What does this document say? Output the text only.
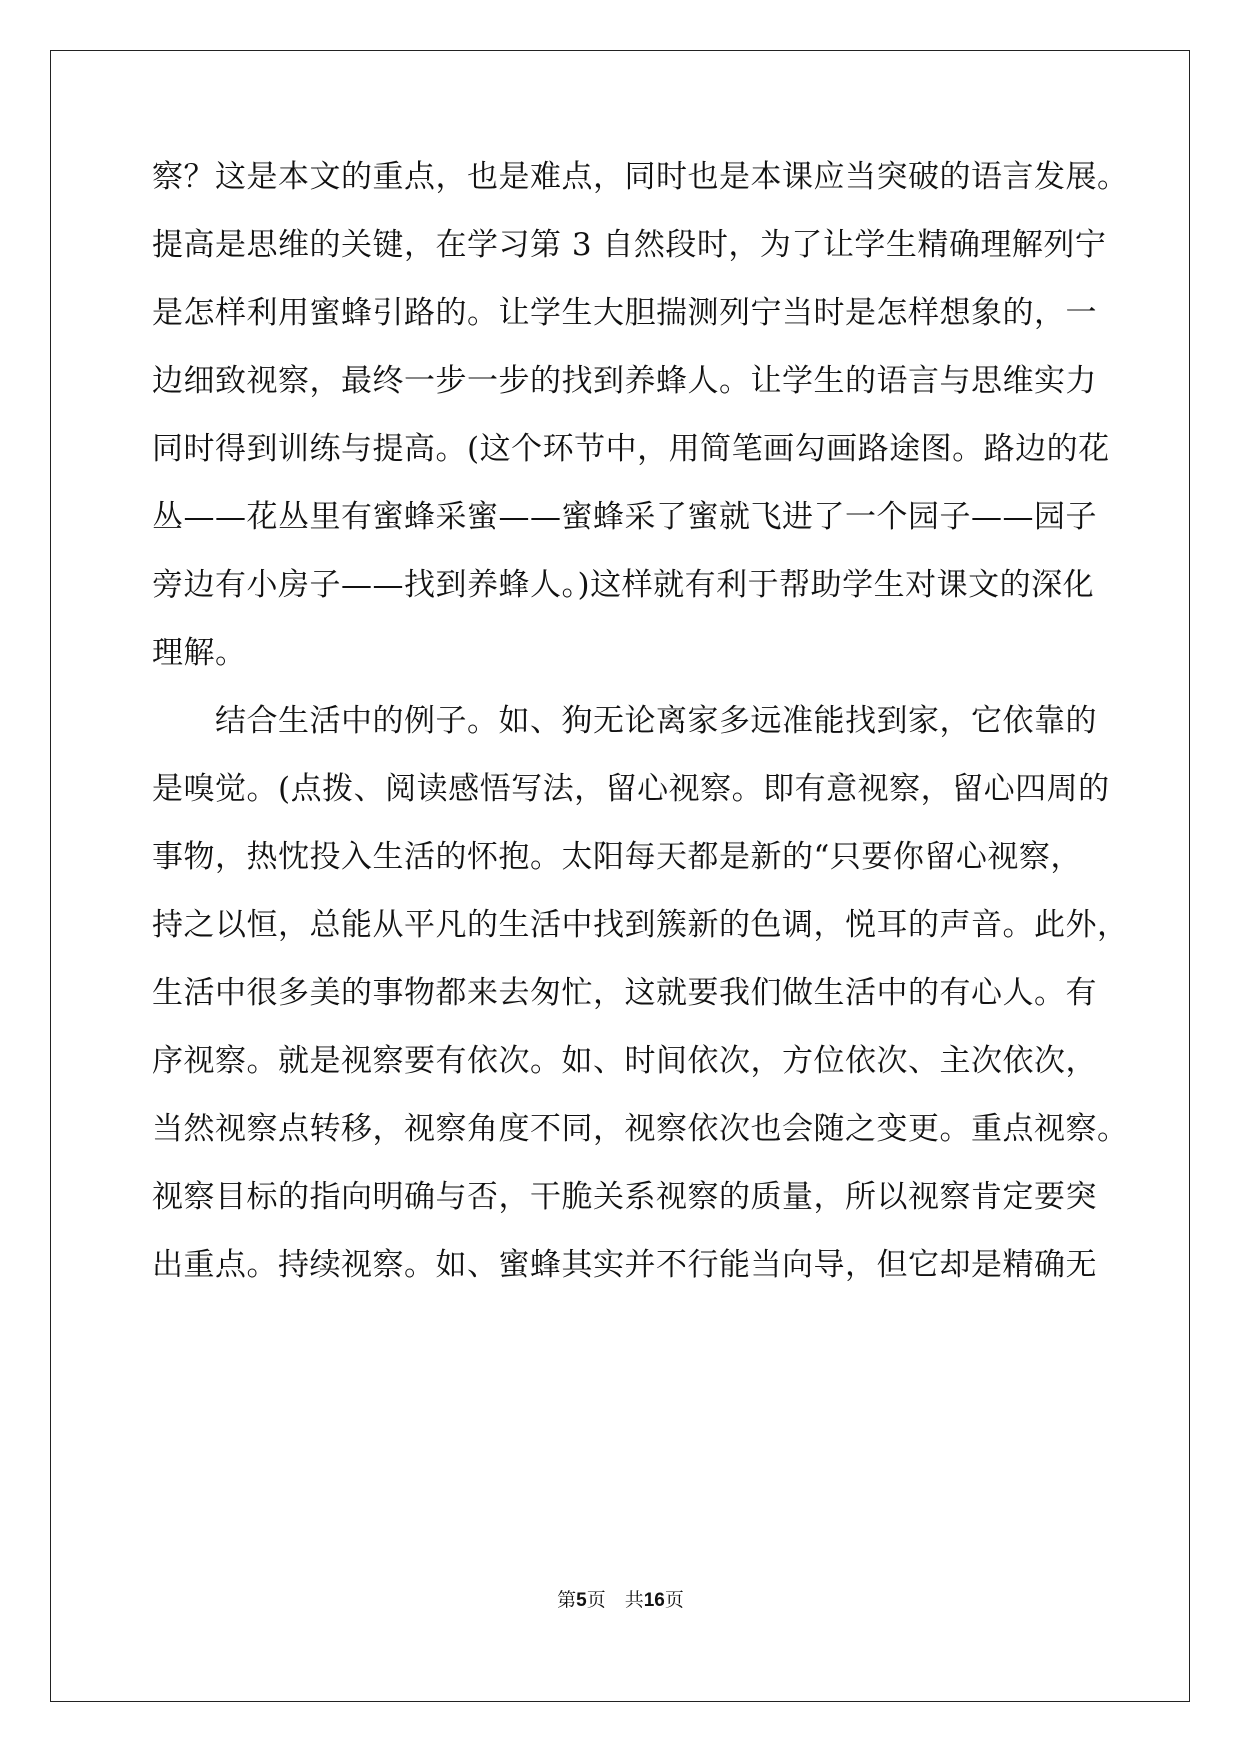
察？这是本文的重点，也是难点，同时也是本课应当突破的语言发展。
提高是思维的关键，在学习第 3 自然段时，为了让学生精确理解列宁
是怎样利用蜜蜂引路的。让学生大胆揣测列宁当时是怎样想象的，一
边细致视察，最终一步一步的找到养蜂人。让学生的语言与思维实力
同时得到训练与提高。(这个环节中，用简笔画勾画路途图。路边的花
丛——花丛里有蜜蜂采蜜——蜜蜂采了蜜就飞进了一个园子——园子
旁边有小房子——找到养蜂人。)这样就有利于帮助学生对课文的深化
理解。
　　结合生活中的例子。如、狗无论离家多远准能找到家，它依靠的
是嗅觉。(点拨、阅读感悟写法，留心视察。即有意视察，留心四周的
事物，热忱投入生活的怀抱。太阳每天都是新的“只要你留心视察，
持之以恒，总能从平凡的生活中找到簇新的色调，悦耳的声音。此外，
生活中很多美的事物都来去匆忙，这就要我们做生活中的有心人。有
序视察。就是视察要有依次。如、时间依次，方位依次、主次依次，
当然视察点转移，视察角度不同，视察依次也会随之变更。重点视察。
视察目标的指向明确与否，干脆关系视察的质量，所以视察肯定要突
出重点。持续视察。如、蜜蜂其实并不行能当向导，但它却是精确无
第5页　共16页
